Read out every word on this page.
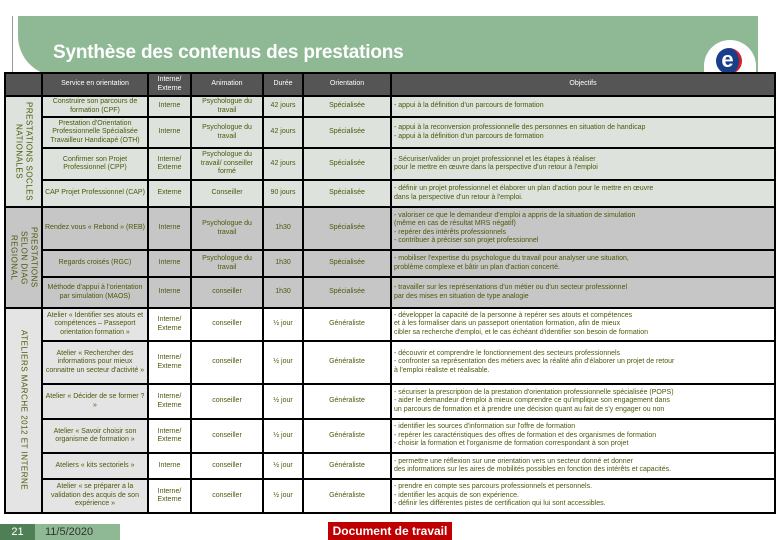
Synthèse des contenus des prestations	e
	Service en orientation	Interne/ Externe	Animation	Durée	Orientation	Objectifs

PRESTATIONS SOCLES NATIONALES	Construire son parcours de formation (CPF)	Interne	Psychologue du travail	42 jours	Spécialisée	- appui à la définition d'un parcours de formation
	Prestation d'Orientation Professionnelle Spécialisée Travailleur Handicapé (OTH)	Interne	Psychologue du travail	42 jours	Spécialisée	- appui à la reconversion professionnelle des personnes en situation de handicap
- appui à la définition d'un parcours de formation
	Confirmer son Projet Professionnel (CPP)	Interne/ Externe	Psychologue du travail/ conseiller formé	42 jours	Spécialisée	- Sécuriser/valider un projet professionnel et les étapes à réaliser
pour le mettre en œuvre dans la perspective d'un retour à l'emploi
	CAP Projet Professionnel (CAP)	Externe	Conseiller	90 jours	Spécialisée	- définir un projet professionnel et élaborer un plan d'action pour le mettre en œuvre
dans la perspective d'un retour à l'emploi.

PRESTATIONS SELON DIAG REGIONAL	Rendez vous « Rebond » (REB)	Interne	Psychologue du travail	1h30	Spécialisée	- valoriser ce que le demandeur d'emploi a appris de la situation de simulation
(même en cas de résultat MRS négatif)
- repérer des intérêts professionnels
- contribuer à préciser son projet professionnel
	Regards croisés (RGC)	Interne	Psychologue du travail	1h30	Spécialisée	- mobiliser l'expertise du psychologue du travail pour analyser une situation,
problème complexe et bâtir un plan d'action concerté.
	Méthode d'appui à l'orientation par simulation (MAOS)	Interne	conseiller	1h30	Spécialisée	- travailler sur les représentations d'un métier ou d'un secteur professionnel
par des mises en situation de type analogie

ATELIERS MARCHE 2012 ET INTERNE	Atelier « Identifier ses atouts et compétences – Passeport orientation formation »	Interne/ Externe	conseiller	½ jour	Généraliste	- développer la capacité de la personne à repérer ses atouts et compétences
et à les formaliser dans un passeport orientation formation, afin de mieux
cibler sa recherche d'emploi, et le cas échéant d'identifier son besoin de formation
	Atelier « Rechercher des informations pour mieux connaitre un secteur d'activité »	Interne/ Externe	conseiller	½ jour	Généraliste	- découvrir et comprendre le fonctionnement des secteurs professionnels
- confronter sa représentation des métiers avec la réalité afin d'élaborer un projet de retour
à l'emploi réaliste et réalisable.
	Atelier « Décider de se former ? »	Interne/ Externe	conseiller	½ jour	Généraliste	- sécuriser la prescription de la prestation d'orientation professionnelle spécialisée (POPS)
- aider le demandeur d'emploi à mieux comprendre ce qu'implique son engagement dans
un parcours de formation et à prendre une décision quant au fait de s'y engager ou non
	Atelier « Savoir choisir son organisme de formation »	Interne/ Externe	conseiller	½ jour	Généraliste	- identifier les sources d'information sur l'offre de formation
- repérer les caractéristiques des offres de formation et des organismes de formation
- choisir la formation et l'organisme de formation correspondant à son projet
	Ateliers « kits sectoriels »	Interne	conseiller	½ jour	Généraliste	- permettre une réflexion sur une orientation vers un secteur donné et donner
des informations sur les aires de mobilités possibles en fonction des intérêts et capacités.
	Atelier « se préparer a la validation des acquis de son expérience »	Interne/ Externe	conseiller	½ jour	Généraliste	- prendre en compte ses parcours professionnels et personnels.
- identifier les acquis de son expérience.
- définir les différentes pistes de certification qui lui sont accessibles.
21	11/5/2020	Document de travail
